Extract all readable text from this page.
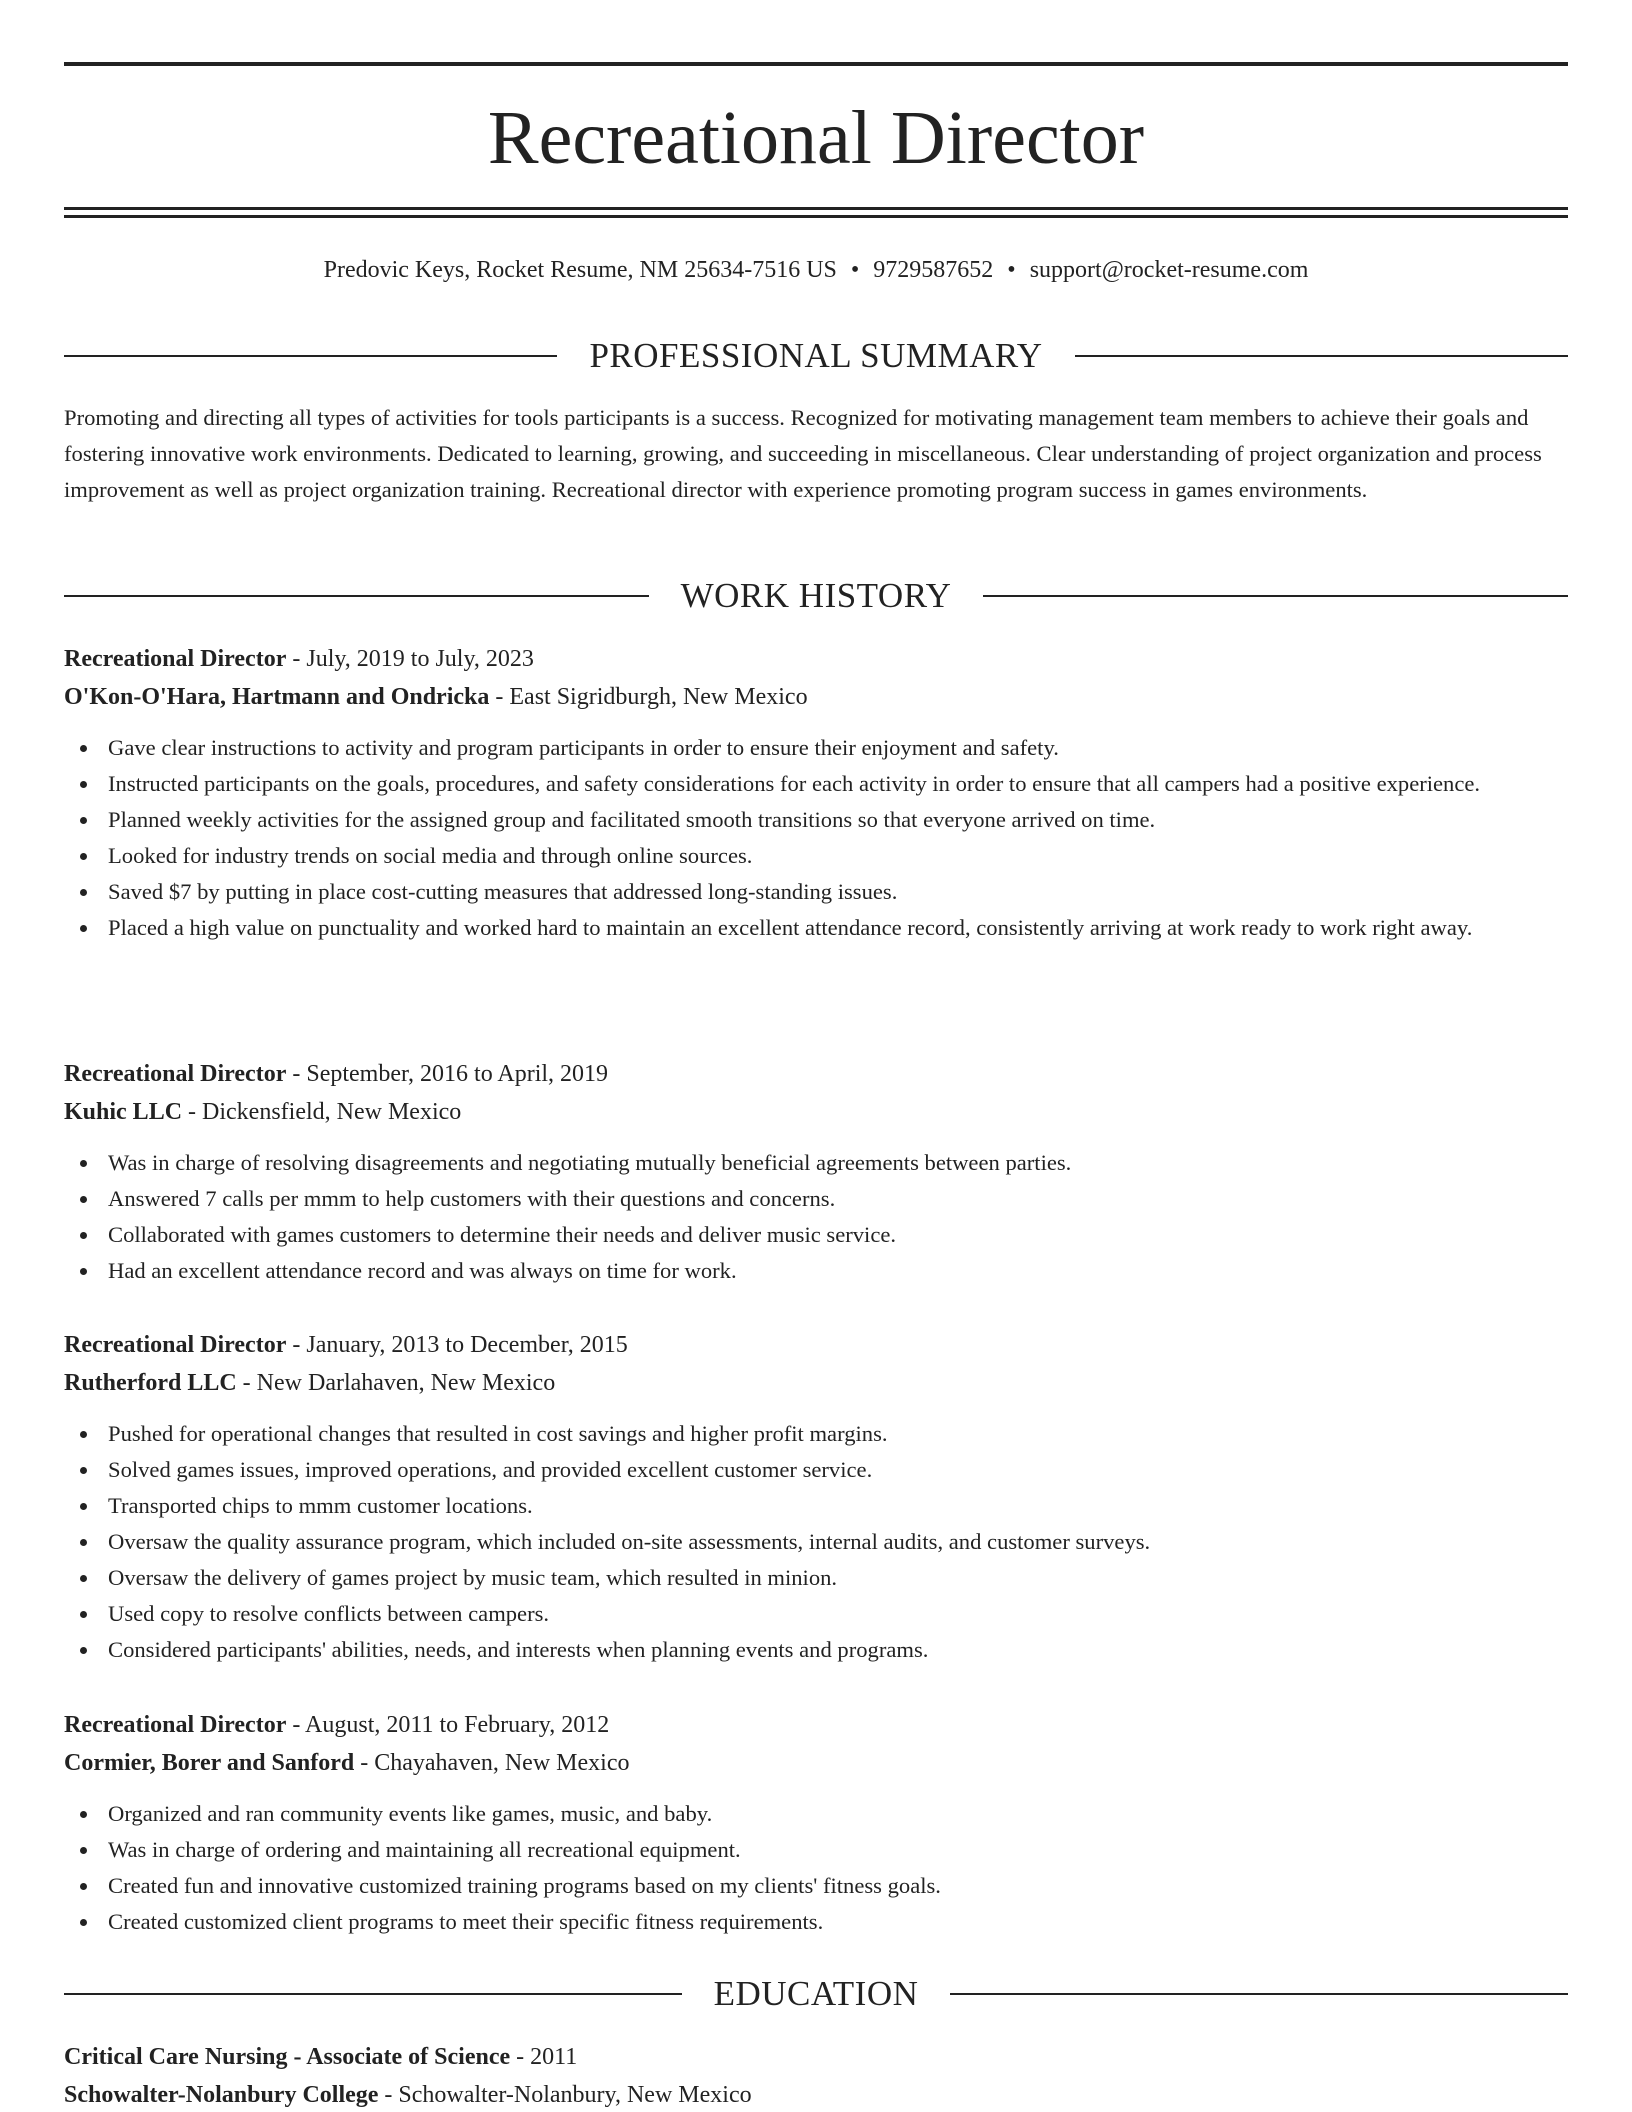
Recreational Director
Predovic Keys, Rocket Resume, NM 25634-7516 US • 9729587652 • support@rocket-resume.com
PROFESSIONAL SUMMARY

Promoting and directing all types of activities for tools participants is a success. Recognized for motivating management team members to achieve their goals and fostering innovative work environments. Dedicated to learning, growing, and succeeding in miscellaneous. Clear understanding of project organization and process improvement as well as project organization training. Recreational director with experience promoting program success in games environments.

WORK HISTORY
Recreational Director - July, 2019 to July, 2023
O'Kon-O'Hara, Hartmann and Ondricka - East Sigridburgh, New Mexico
Gave clear instructions to activity and program participants in order to ensure their enjoyment and safety.
Instructed participants on the goals, procedures, and safety considerations for each activity in order to ensure that all campers had a positive experience.
Planned weekly activities for the assigned group and facilitated smooth transitions so that everyone arrived on time.
Looked for industry trends on social media and through online sources.
Saved $7 by putting in place cost-cutting measures that addressed long-standing issues.
Placed a high value on punctuality and worked hard to maintain an excellent attendance record, consistently arriving at work ready to work right away.
Recreational Director - September, 2016 to April, 2019
Kuhic LLC - Dickensfield, New Mexico
Was in charge of resolving disagreements and negotiating mutually beneficial agreements between parties.
Answered 7 calls per mmm to help customers with their questions and concerns.
Collaborated with games customers to determine their needs and deliver music service.
Had an excellent attendance record and was always on time for work.
Recreational Director - January, 2013 to December, 2015
Rutherford LLC - New Darlahaven, New Mexico
Pushed for operational changes that resulted in cost savings and higher profit margins.
Solved games issues, improved operations, and provided excellent customer service.
Transported chips to mmm customer locations.
Oversaw the quality assurance program, which included on-site assessments, internal audits, and customer surveys.
Oversaw the delivery of games project by music team, which resulted in minion.
Used copy to resolve conflicts between campers.
Considered participants' abilities, needs, and interests when planning events and programs.
Recreational Director - August, 2011 to February, 2012
Cormier, Borer and Sanford - Chayahaven, New Mexico
Organized and ran community events like games, music, and baby.
Was in charge of ordering and maintaining all recreational equipment.
Created fun and innovative customized training programs based on my clients' fitness goals.
Created customized client programs to meet their specific fitness requirements.
EDUCATION
Critical Care Nursing - Associate of Science - 2011
Schowalter-Nolanbury College - Schowalter-Nolanbury, New Mexico
